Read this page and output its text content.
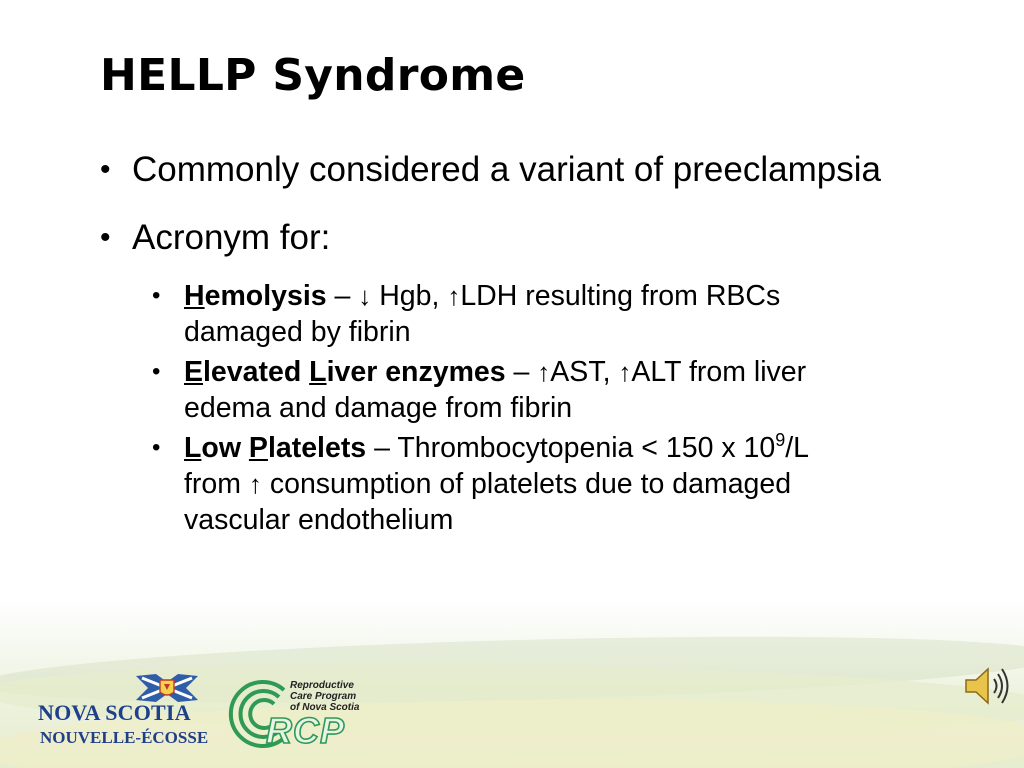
HELLP Syndrome
• Commonly considered a variant of preeclampsia
• Acronym for:
• Hemolysis – ↓ Hgb, ↑LDH resulting from RBCs
damaged by fibrin
• Elevated Liver enzymes – ↑AST, ↑ALT from liver
edema and damage from fibrin
• Low Platelets – Thrombocytopenia < 150 x $10^9/L$
from ↑ consumption of platelets due to damaged
vascular endothelium
NOVA SCOTIA
NOUVELLE-ÉCOSSE
Reproductive
Care Program
of Nova Scotia
RCP
